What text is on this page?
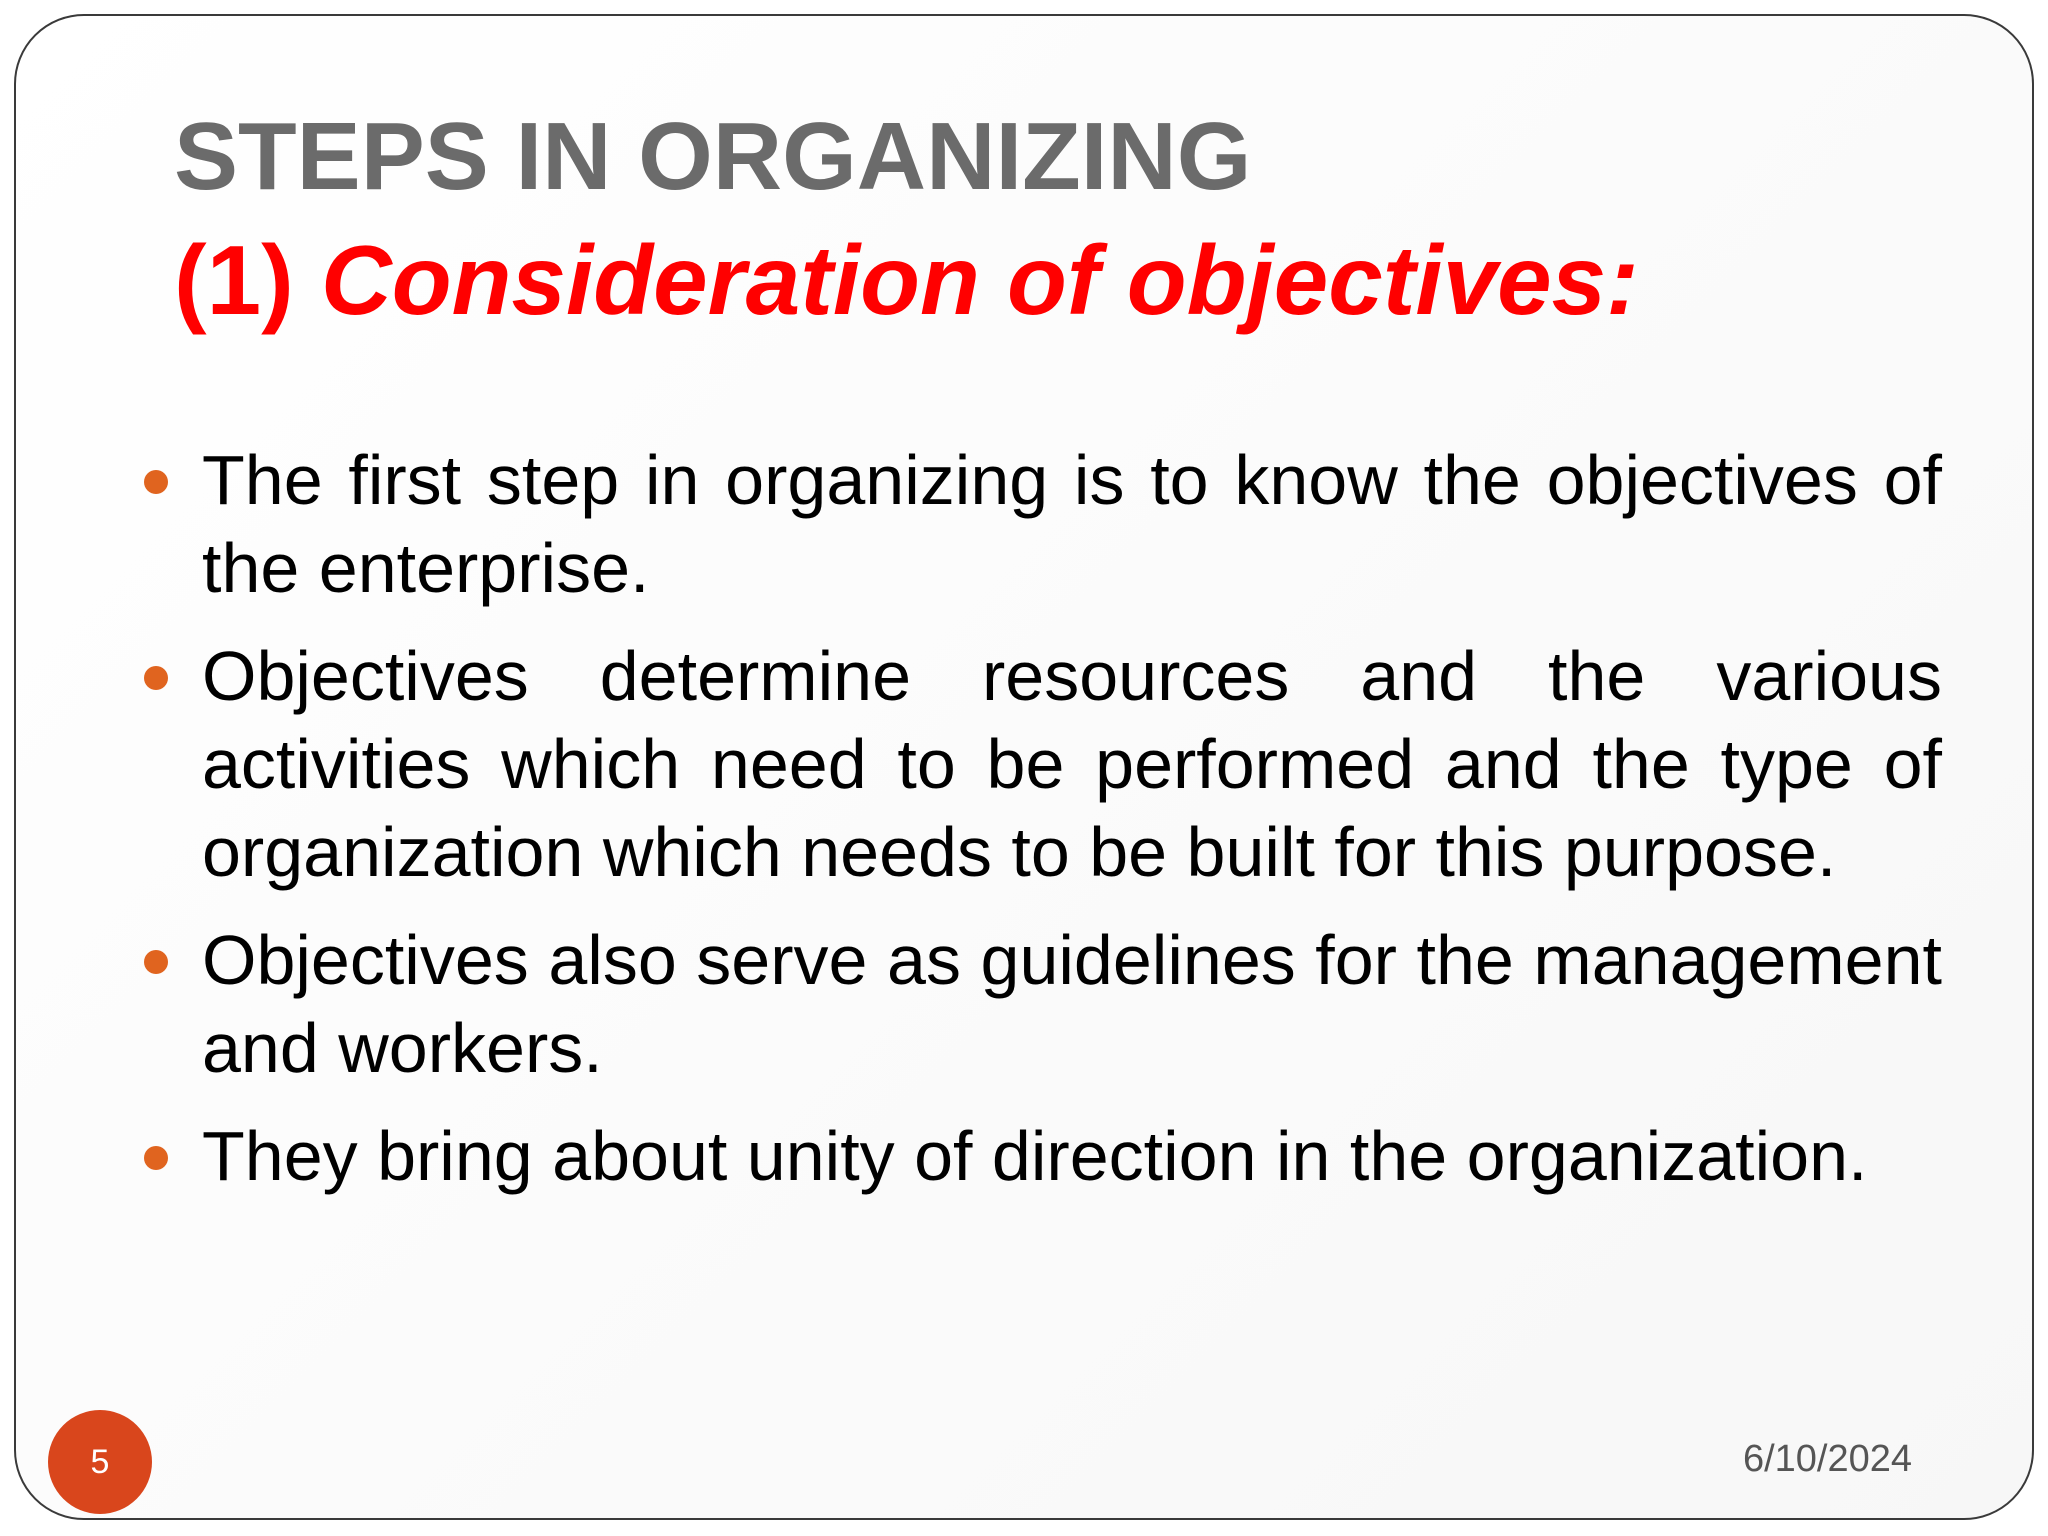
STEPS IN ORGANIZING
(1) Consideration of objectives:

The first step in organizing is to know the objectives of the enterprise.

Objectives determine resources and the various activities which need to be performed and the type of organization which needs to be built for this purpose.

Objectives also serve as guidelines for the management and workers.

They bring about unity of direction in the organization.

5	6/10/2024
